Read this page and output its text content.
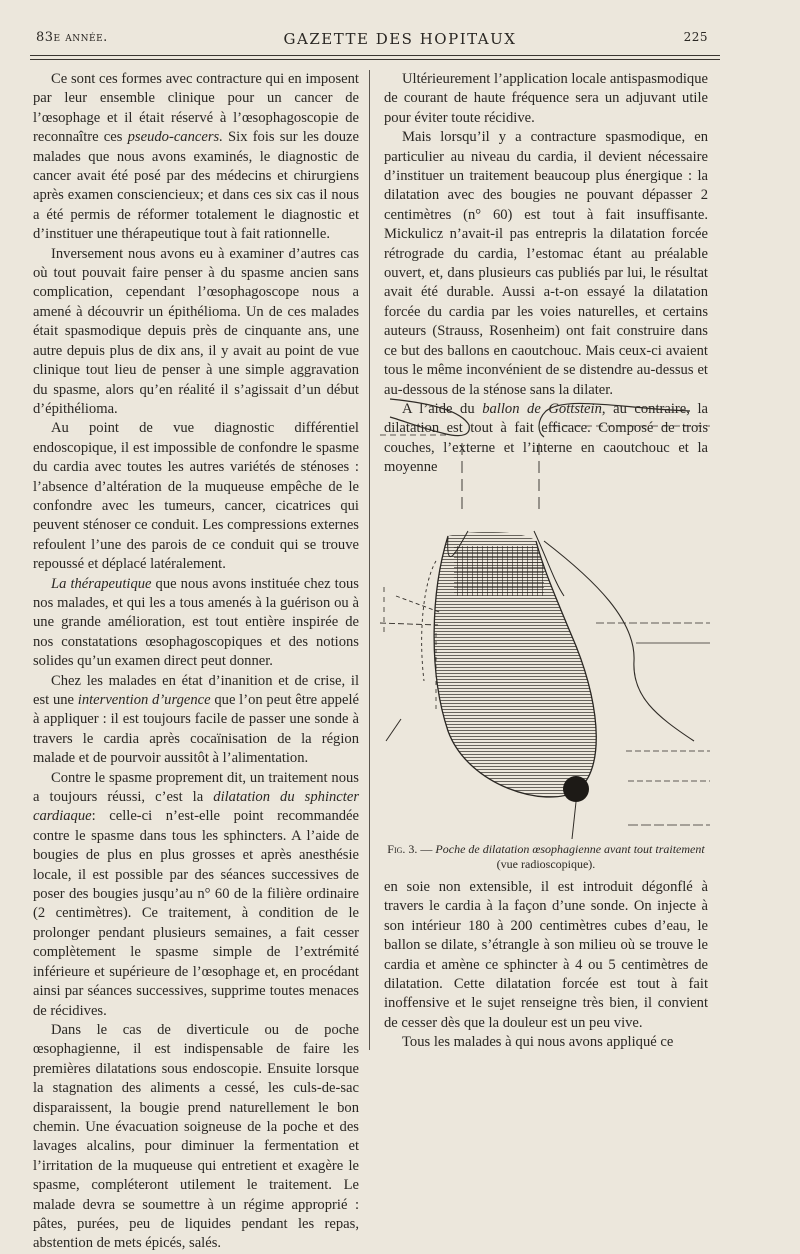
83e année.	GAZETTE DES HOPITAUX	225

Ce sont ces formes avec contracture qui en imposent par leur ensemble clinique pour un cancer de l’œsophage et il était réservé à l’œsophagoscopie de reconnaître ces pseudo-cancers. Six fois sur les douze malades que nous avons examinés, le diagnostic de cancer avait été posé par des médecins et chirurgiens après examen consciencieux; et dans ces six cas il nous a été permis de réformer totalement le diagnostic et d’instituer une thérapeutique tout à fait rationnelle.

Inversement nous avons eu à examiner d’autres cas où tout pouvait faire penser à du spasme ancien sans complication, cependant l’œsophagoscope nous a amené à découvrir un épithélioma. Un de ces malades était spasmodique depuis près de cinquante ans, une autre depuis plus de dix ans, il y avait au point de vue clinique tout lieu de penser à une simple aggravation du spasme, alors qu’en réalité il s’agissait d’un début d’épithélioma.

Au point de vue diagnostic différentiel endoscopique, il est impossible de confondre le spasme du cardia avec toutes les autres variétés de sténoses : l’absence d’altération de la muqueuse empêche de le confondre avec les tumeurs, cancer, cicatrices qui peuvent sténoser ce conduit. Les compressions externes refoulent l’une des parois de ce conduit qui se trouve repoussé et déplacé latéralement.

La thérapeutique que nous avons instituée chez tous nos malades, et qui les a tous amenés à la guérison ou à une grande amélioration, est tout entière inspirée de nos constatations œsophagoscopiques et des notions solides qu’un examen direct peut donner.

Chez les malades en état d’inanition et de crise, il est une intervention d’urgence que l’on peut être appelé à appliquer : il est toujours facile de passer une sonde à travers le cardia après cocaïnisation de la région malade et de pourvoir aussitôt à l’alimentation.

Contre le spasme proprement dit, un traitement nous a toujours réussi, c’est la dilatation du sphincter cardiaque: celle-ci n’est-elle point recommandée contre le spasme dans tous les sphincters. A l’aide de bougies de plus en plus grosses et après anesthésie locale, il est possible par des séances successives de poser des bougies jusqu’au n° 60 de la filière ordinaire (2 centimètres). Ce traitement, à condition de le prolonger pendant plusieurs semaines, a fait cesser complètement le spasme simple de l’extrémité inférieure et supérieure de l’œsophage et, en procédant ainsi par séances successives, supprime toutes menaces de récidives.

Dans le cas de diverticule ou de poche œsophagienne, il est indispensable de faire les premières dilatations sous endoscopie. Ensuite lorsque la stagnation des aliments a cessé, les culs-de-sac disparaissent, la bougie prend naturellement le bon chemin. Une évacuation soigneuse de la poche et des lavages alcalins, pour diminuer la fermentation et l’irritation de la muqueuse qui entretient et exagère le spasme, compléteront utilement le traitement. Le malade devra se soumettre à un régime approprié : pâtes, purées, peu de liquides pendant les repas, abstention de mets épicés, salés.

Ultérieurement l’application locale antispasmodique de courant de haute fréquence sera un adjuvant utile pour éviter toute récidive.

Mais lorsqu’il y a contracture spasmodique, en particulier au niveau du cardia, il devient nécessaire d’instituer un traitement beaucoup plus énergique : la dilatation avec des bougies ne pouvant dépasser 2 centimètres (n° 60) est tout à fait insuffisante. Mickulicz n’avait-il pas entrepris la dilatation forcée rétrograde du cardia, l’estomac étant au préalable ouvert, et, dans plusieurs cas publiés par lui, le résultat avait été durable. Aussi a-t-on essayé la dilatation forcée du cardia par les voies naturelles, et certains auteurs (Strauss, Rosenheim) ont fait construire dans ce but des ballons en caoutchouc. Mais ceux-ci avaient tous le même inconvénient de se distendre au-dessus et au-dessous de la sténose sans la dilater.

A l’aide du ballon de Gottstein, au contraire, la dilatation est tout à fait efficace. Composé de trois couches, l’externe et l’interne en caoutchouc et la moyenne

Fig. 3. — Poche de dilatation œsophagienne avant tout traitement
(vue radioscopique).

en soie non extensible, il est introduit dégonflé à travers le cardia à la façon d’une sonde. On injecte à son intérieur 180 à 200 centimètres cubes d’eau, le ballon se dilate, s’étrangle à son milieu où se trouve le cardia et amène ce sphincter à 4 ou 5 centimètres de dilatation. Cette dilatation forcée est tout à fait inoffensive et le sujet renseigne très bien, il convient de cesser dès que la douleur est un peu vive.

Tous les malades à qui nous avons appliqué ce
